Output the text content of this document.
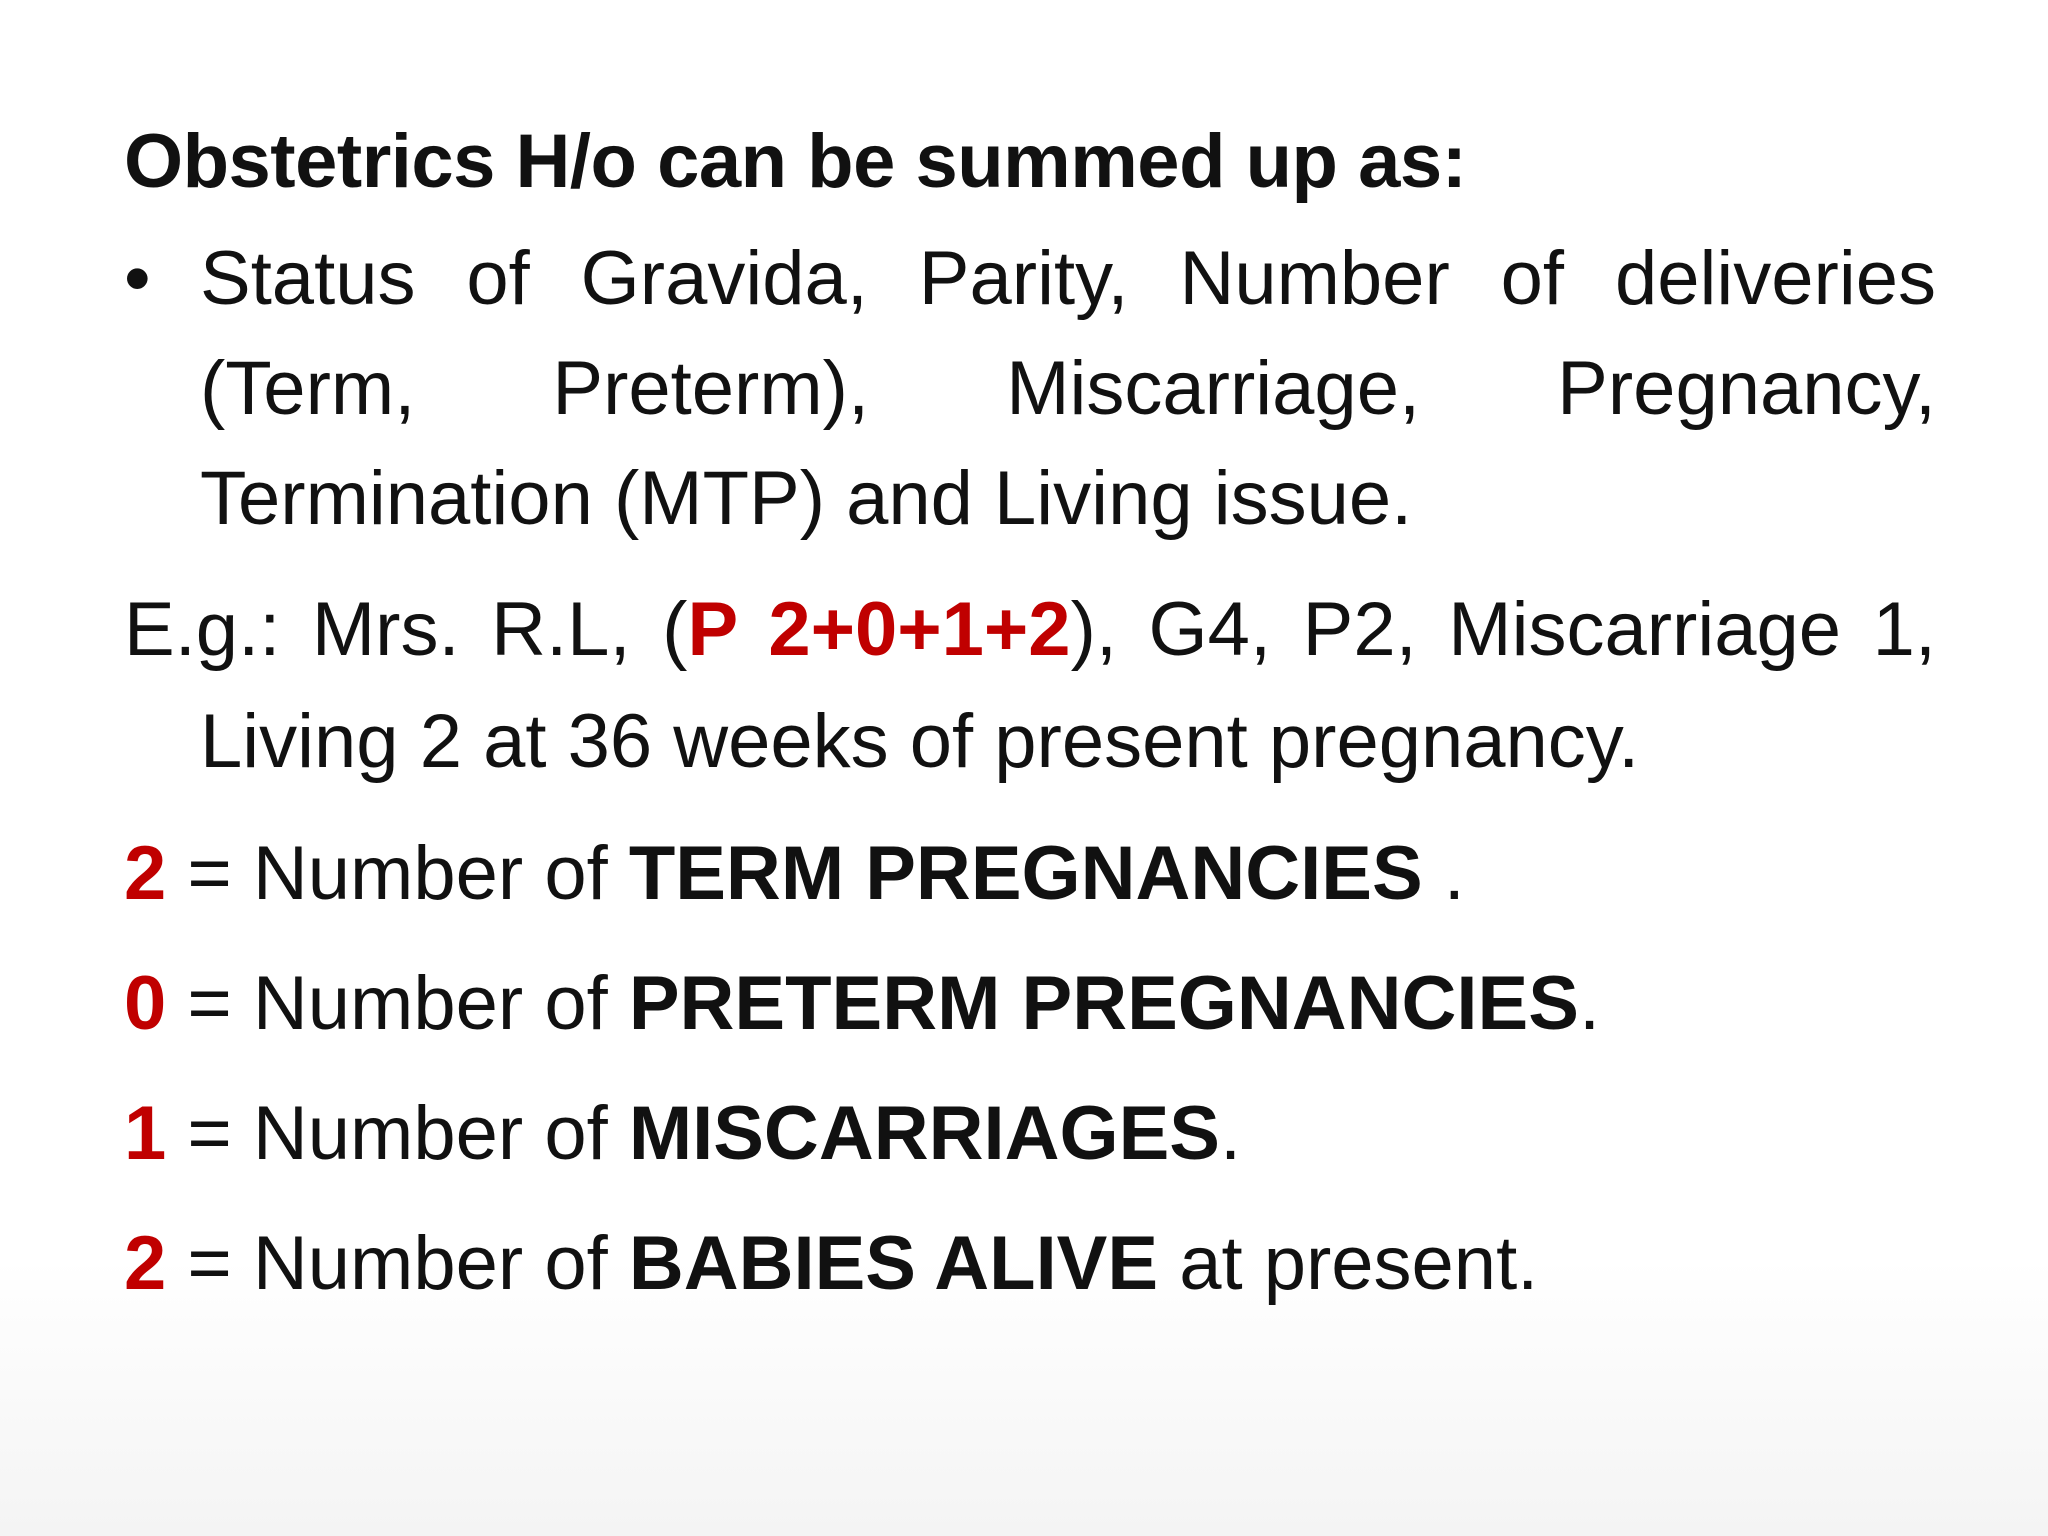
Obstetrics H/o can be summed up as:
• Status of Gravida, Parity, Number of deliveries (Term, Preterm), Miscarriage, Pregnancy, Termination (MTP) and Living issue.
E.g.: Mrs. R.L, (P 2+0+1+2), G4, P2, Miscarriage 1, Living 2 at 36 weeks of present pregnancy.
2 = Number of TERM PREGNANCIES .
0 = Number of PRETERM PREGNANCIES.
1 = Number of MISCARRIAGES.
2 = Number of BABIES ALIVE at present.
